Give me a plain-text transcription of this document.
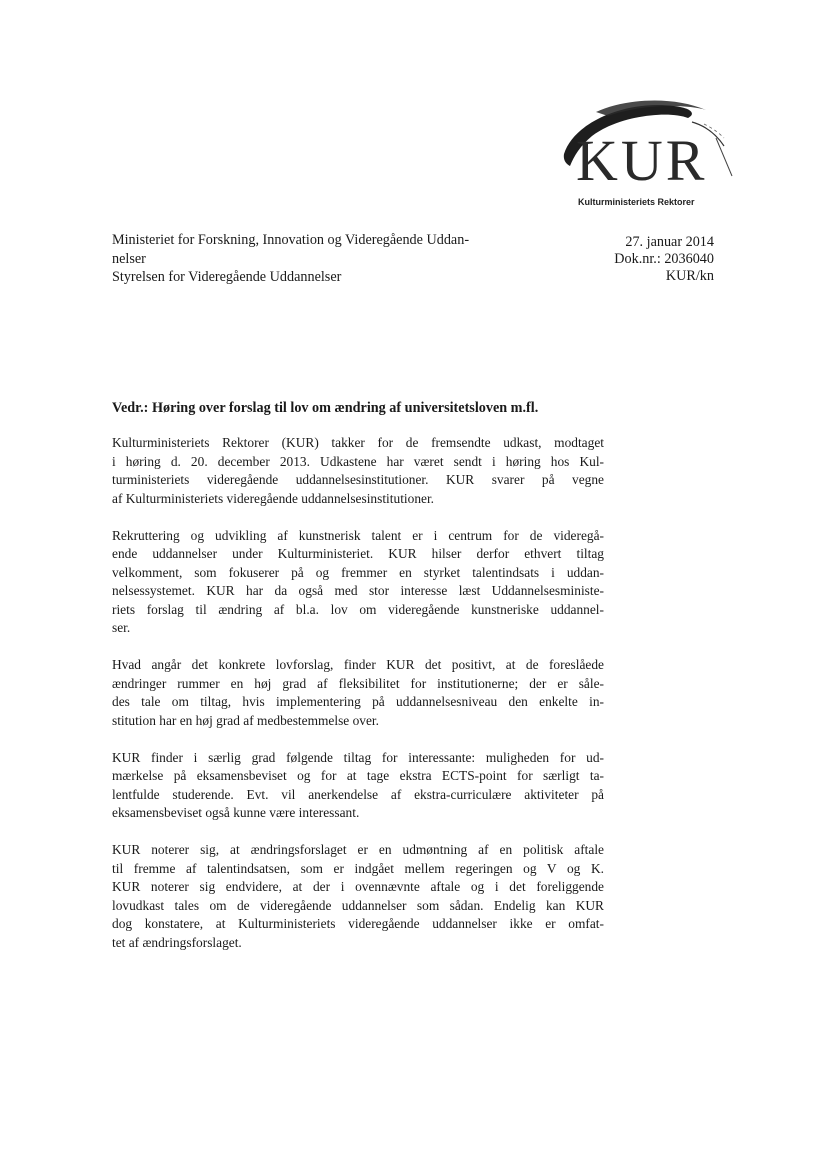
KUR
Kulturministeriets Rektorer
Ministeriet for Forskning, Innovation og Videregående Uddan-
nelser
Styrelsen for Videregående Uddannelser
27. januar 2014
Dok.nr.: 2036040
KUR/kn
Vedr.: Høring over forslag til lov om ændring af universitetsloven m.fl.
Kulturministeriets Rektorer (KUR) takker for de fremsendte udkast, modtaget
i høring d. 20. december 2013. Udkastene har været sendt i høring hos Kul-
turministeriets videregående uddannelsesinstitutioner. KUR svarer på vegne
af Kulturministeriets videregående uddannelsesinstitutioner.
Rekruttering og udvikling af kunstnerisk talent er i centrum for de videregå-
ende uddannelser under Kulturministeriet. KUR hilser derfor ethvert tiltag
velkomment, som fokuserer på og fremmer en styrket talentindsats i uddan-
nelsessystemet. KUR har da også med stor interesse læst Uddannelsesministe-
riets forslag til ændring af bl.a. lov om videregående kunstneriske uddannel-
ser.
Hvad angår det konkrete lovforslag, finder KUR det positivt, at de foreslåede
ændringer rummer en høj grad af fleksibilitet for institutionerne; der er såle-
des tale om tiltag, hvis implementering på uddannelsesniveau den enkelte in-
stitution har en høj grad af medbestemmelse over.
KUR finder i særlig grad følgende tiltag for interessante: muligheden for ud-
mærkelse på eksamensbeviset og for at tage ekstra ECTS-point for særligt ta-
lentfulde studerende. Evt. vil anerkendelse af ekstra-curriculære aktiviteter på
eksamensbeviset også kunne være interessant.
KUR noterer sig, at ændringsforslaget er en udmøntning af en politisk aftale
til fremme af talentindsatsen, som er indgået mellem regeringen og V og K.
KUR noterer sig endvidere, at der i ovennævnte aftale og i det foreliggende
lovudkast tales om de videregående uddannelser som sådan. Endelig kan KUR
dog konstatere, at Kulturministeriets videregående uddannelser ikke er omfat-
tet af ændringsforslaget.
